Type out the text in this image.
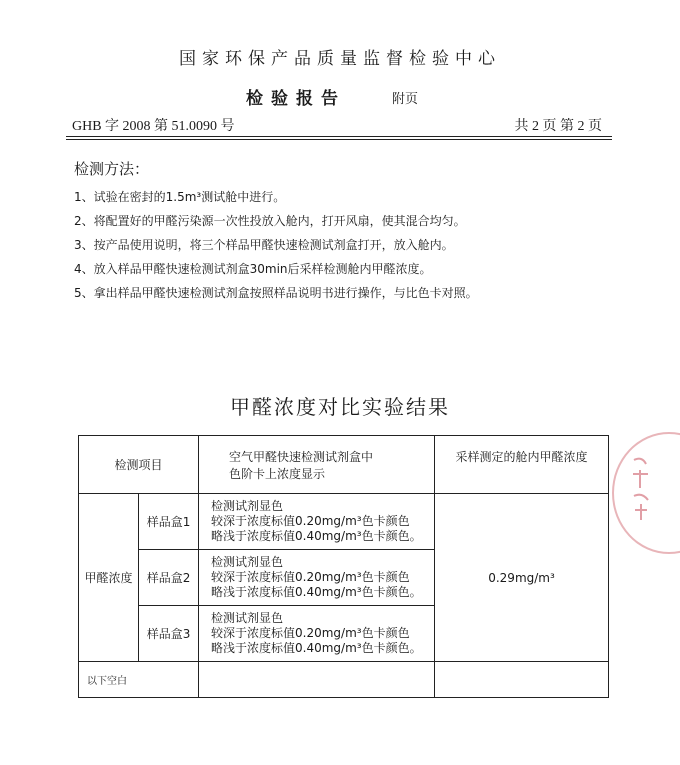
国家环保产品质量监督检验中心
检验报告	附页
GHB 字 2008 第 51.0090 号	共 2 页 第 2 页
检测方法：
1、试验在密封的1.5m³测试舱中进行。
2、将配置好的甲醛污染源一次性投放入舱内，打开风扇，使其混合均匀。
3、按产品使用说明，将三个样品甲醛快速检测试剂盒打开，放入舱内。
4、放入样品甲醛快速检测试剂盒30min后采样检测舱内甲醛浓度。
5、拿出样品甲醛快速检测试剂盒按照样品说明书进行操作，与比色卡对照。
甲醛浓度对比实验结果
检测项目		空气甲醛快速检测试剂盒中
色阶卡上浓度显示	采样测定的舱内甲醛浓度
甲醛浓度	样品盒1	检测试剂显色
较深于浓度标值0.20mg/m³色卡颜色
略浅于浓度标值0.40mg/m³色卡颜色。	0.29mg/m³
	样品盒2	检测试剂显色
较深于浓度标值0.20mg/m³色卡颜色
略浅于浓度标值0.40mg/m³色卡颜色。	

	样品盒3	检测试剂显色
较深于浓度标值0.20mg/m³色卡颜色
略浅于浓度标值0.40mg/m³色卡颜色。	

以下空白			
